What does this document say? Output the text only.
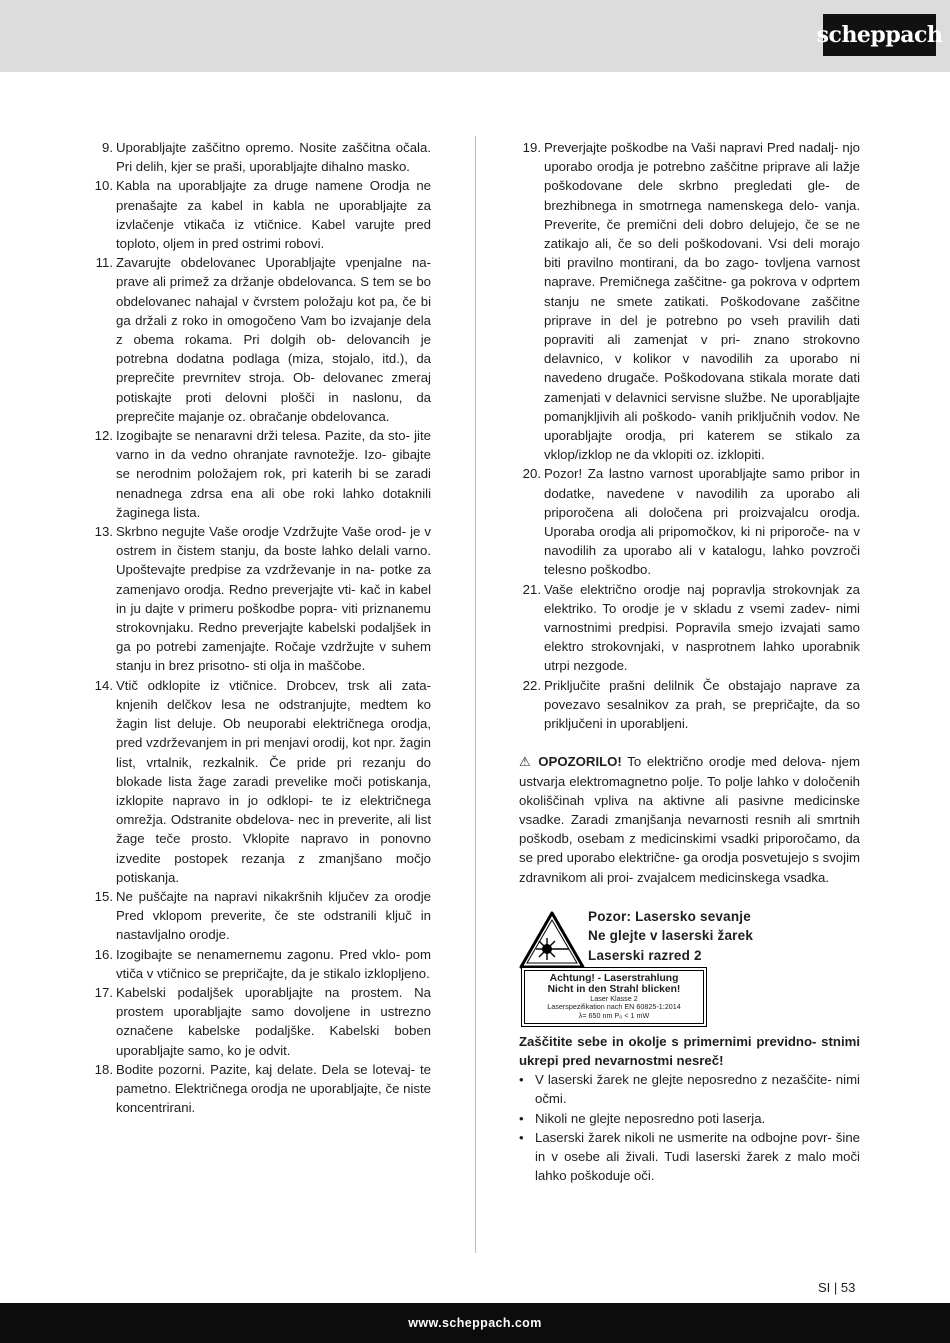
scheppach
9. Uporabljajte zaščitno opremo. Nosite zaščitna očala. Pri delih, kjer se praši, uporabljajte dihalno masko.
10. Kabla na uporabljajte za druge namene Orodja ne prenašajte za kabel in kabla ne uporabljajte za izvlačenje vtikača iz vtičnice. Kabel varujte pred toploto, oljem in pred ostrimi robovi.
11. Zavarujte obdelovanec Uporabljajte vpenjalne na- prave ali primež za držanje obdelovanca. S tem se bo obdelovanec nahajal v čvrstem položaju kot pa, če bi ga držali z roko in omogočeno Vam bo izvajanje dela z obema rokama. Pri dolgih ob- delovancih je potrebna dodatna podlaga (miza, stojalo, itd.), da preprečite prevrnitev stroja. Ob- delovanec zmeraj potiskajte proti delovni plošči in naslonu, da preprečite majanje oz. obračanje obdelovanca.
12. Izogibajte se nenaravni drži telesa. Pazite, da sto- jite varno in da vedno ohranjate ravnotežje. Izo- gibajte se nerodnim položajem rok, pri katerih bi se zaradi nenadnega zdrsa ena ali obe roki lahko dotaknili žaginega lista.
13. Skrbno negujte Vaše orodje Vzdržujte Vaše orod- je v ostrem in čistem stanju, da boste lahko delali varno. Upoštevajte predpise za vzdrževanje in na- potke za zamenjavo orodja. Redno preverjajte vti- kač in kabel in ju dajte v primeru poškodbe popra- viti priznanemu strokovnjaku. Redno preverjajte kabelski podaljšek in ga po potrebi zamenjajte. Ročaje vzdržujte v suhem stanju in brez prisotno- sti olja in maščobe.
14. Vtič odklopite iz vtičnice. Drobcev, trsk ali zata- knjenih delčkov lesa ne odstranjujte, medtem ko žagin list deluje. Ob neuporabi električnega orodja, pred vzdrževanjem in pri menjavi orodij, kot npr. žagin list, vrtalnik, rezkalnik. Če pride pri rezanju do blokade lista žage zaradi prevelike moči potiskanja, izklopite napravo in jo odklopi- te iz električnega omrežja. Odstranite obdelova- nec in preverite, ali list žage teče prosto. Vklopite napravo in ponovno izvedite postopek rezanja z zmanjšano močjo potiskanja.
15. Ne puščajte na napravi nikakršnih ključev za orodje Pred vklopom preverite, če ste odstranili ključ in nastavljalno orodje.
16. Izogibajte se nenamernemu zagonu. Pred vklo- pom vtiča v vtičnico se prepričajte, da je stikalo izklopljeno.
17. Kabelski podaljšek uporabljajte na prostem. Na prostem uporabljajte samo dovoljene in ustrezno označene kabelske podaljške. Kabelski boben uporabljajte samo, ko je odvit.
18. Bodite pozorni. Pazite, kaj delate. Dela se lotevaj- te pametno. Električnega orodja ne uporabljajte, če niste koncentrirani.
19. Preverjajte poškodbe na Vaši napravi Pred nadalj- njo uporabo orodja je potrebno zaščitne priprave ali lažje poškodovane dele skrbno pregledati gle- de brezhibnega in smotrnega namenskega delo- vanja. Preverite, če premični deli dobro delujejo, če se ne zatikajo ali, če so deli poškodovani. Vsi deli morajo biti pravilno montirani, da bo zago- tovljena varnost naprave. Premičnega zaščitne- ga pokrova v odprtem stanju ne smete zatikati. Poškodovane zaščitne priprave in del je potrebno po vseh pravilih dati popraviti ali zamenjat v pri- znano strokovno delavnico, v kolikor v navodilih za uporabo ni navedeno drugače. Poškodovana stikala morate dati zamenjati v delavnici servisne službe. Ne uporabljajte pomanjkljivih ali poškodo- vanih priključnih vodov. Ne uporabljajte orodja, pri katerem se stikalo za vklop/izklop ne da vklopiti oz. izklopiti.
20. Pozor! Za lastno varnost uporabljajte samo pribor in dodatke, navedene v navodilih za uporabo ali priporočena ali določena pri proizvajalcu orodja. Uporaba orodja ali pripomočkov, ki ni priporoče- na v navodilih za uporabo ali v katalogu, lahko povzroči telesno poškodbo.
21. Vaše električno orodje naj popravlja strokovnjak za elektriko. To orodje je v skladu z vsemi zadev- nimi varnostnimi predpisi. Popravila smejo izvajati samo elektro strokovnjaki, v nasprotnem lahko uporabnik utrpi nezgode.
22. Priključite prašni delilnik Če obstajajo naprave za povezavo sesalnikov za prah, se prepričajte, da so priključeni in uporabljeni.
⚠ OPOZORILO! To električno orodje med delova- njem ustvarja elektromagnetno polje. To polje lahko v določenih okoliščinah vpliva na aktivne ali pasivne medicinske vsadke. Zaradi zmanjšanja nevarnosti resnih ali smrtnih poškodb, osebam z medicinskimi vsadki priporočamo, da se pred uporabo električne- ga orodja posvetujejo s svojim zdravnikom ali proi- zvajalcem medicinskega vsadka.
Pozor: Lasersko sevanje
Ne glejte v laserski žarek
Laserski razred 2
Achtung! - Laserstrahlung
Nicht in den Strahl blicken!
Laser Klasse 2
Laserspezifikation nach EN 60825-1:2014
λ= 650 nm P₀ < 1 mW
Zaščitite sebe in okolje s primernimi previdno- stnimi ukrepi pred nevarnostmi nesreč!
• V laserski žarek ne glejte neposredno z nezaščite- nimi očmi.
• Nikoli ne glejte neposredno poti laserja.
• Laserski žarek nikoli ne usmerite na odbojne povr- šine in v osebe ali živali. Tudi laserski žarek z malo moči lahko poškoduje oči.
SI | 53
www.scheppach.com
